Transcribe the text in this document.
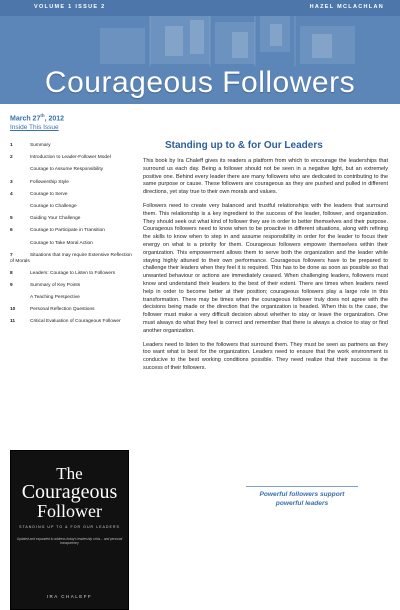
VOLUME 1 ISSUE 2	HAZEL MCLACHLAN
Courageous Followers
March 27th, 2012
Inside This Issue
1	Summary
2	Introduction to Leader-Follower Model
Courage to Assume Responsibility
3	Followership Style
4	Courage to Serve
Courage to Challenge
5	Guiding Your Challenge
6	Courage to Participate in Transition
Courage to Take Moral Action
7	Situations that may require Extensive Reflection of Morals
8	Leaders: Courage to Listen to Followers
9	Summary of Key Points
A Teaching Perspective
10	Personal Reflection Questions
11	Critical Evaluation of Courageous Follower
The
Courageous
Follower
STANDING UP TO & FOR OUR LEADERS
Updated and expanded to address today's leadership crisis... and personal transparency
IRA CHALEFF
Standing up to & for Our Leaders

This book by Ira Chaleff gives its readers a platform from which to encourage the leaderships that surround us each day. Being a follower should not be seen in a negative light, but an extremely positive one. Behind every leader there are many followers who are dedicated to contributing to the same purpose or cause. These followers are courageous as they are pushed and pulled in different directions, yet stay true to their own morals and values.

Followers need to create very balanced and trustful relationships with the leaders that surround them. This relationship is a key ingredient to the success of the leader, follower, and organization. They should seek out what kind of follower they are in order to better themselves and their purpose. Courageous followers need to know when to be proactive in different situations, along with refining the skills to know when to step in and assume responsibility in order for the leader to focus their energy on what is a priority for them. Courageous followers empower themselves within their organization. This empowerment allows them to serve both the organization and the leader while staying highly attuned to their own performance. Courageous followers have to be prepared to challenge their leaders when they feel it is required. This has to be done as soon as possible so that unwanted behaviour or actions are immediately ceased. When challenging leaders, followers must know and understand their leaders to the best of their extent. There are times when leaders need help in order to become better at their position; courageous followers play a large role in this transformation. There may be times when the courageous follower truly does not agree with the decisions being made or the direction that the organization is headed. When this is the case, the follower must make a very difficult decision about whether to stay or leave the organization. One must always do what they feel is correct and remember that there is always a choice to stay or find another organization.

Leaders need to listen to the followers that surround them. They must be seen as partners as they too want what is best for the organization. Leaders need to ensure that the work environment is conducive to the best working conditions possible. They need realize that their success is the success of their followers.

Powerful followers support powerful leaders
